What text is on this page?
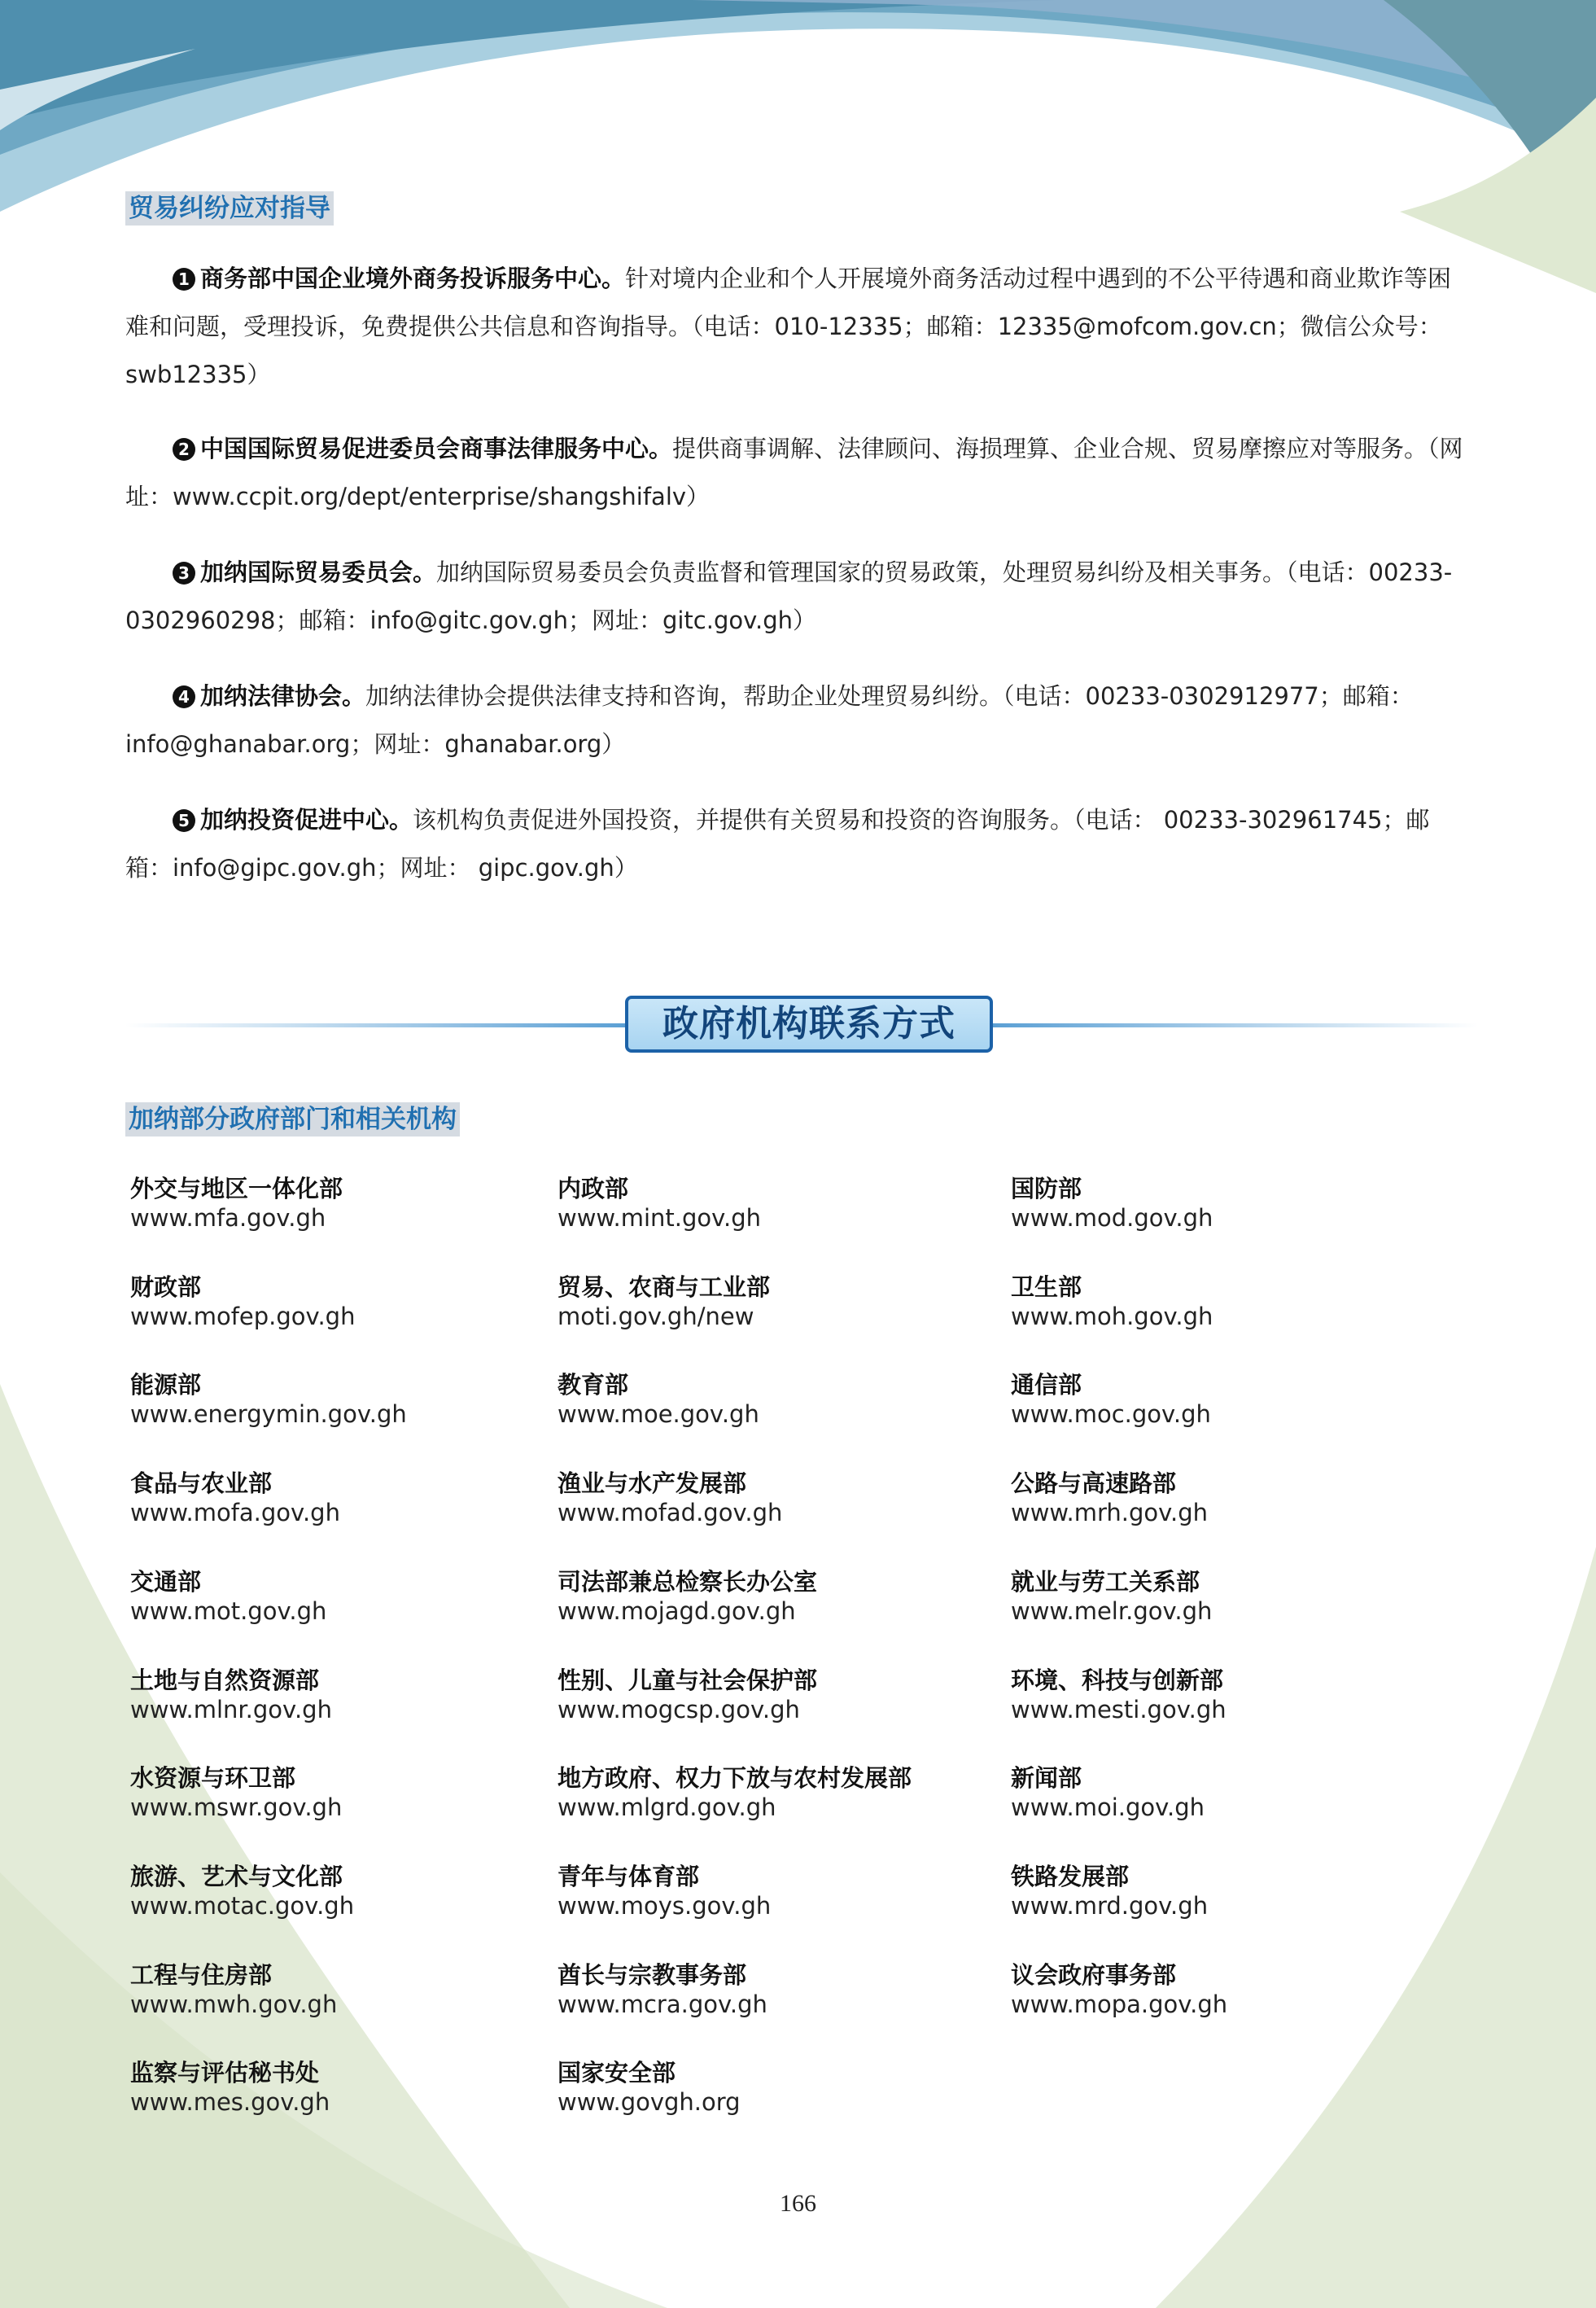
贸易纠纷应对指导
1 商务部中国企业境外商务投诉服务中心。针对境内企业和个人开展境外商务活动过程中遇到的不公平待遇和商业欺诈等困难和问题，受理投诉，免费提供公共信息和咨询指导。（电话：010-12335；邮箱：12335@mofcom.gov.cn；微信公众号：swb12335）
2 中国国际贸易促进委员会商事法律服务中心。提供商事调解、法律顾问、海损理算、企业合规、贸易摩擦应对等服务。（网址：www.ccpit.org/dept/enterprise/shangshifalv）
3 加纳国际贸易委员会。加纳国际贸易委员会负责监督和管理国家的贸易政策，处理贸易纠纷及相关事务。（电话：00233-0302960298；邮箱：info@gitc.gov.gh；网址：gitc.gov.gh）
4 加纳法律协会。加纳法律协会提供法律支持和咨询，帮助企业处理贸易纠纷。（电话：00233-0302912977；邮箱：info@ghanabar.org；网址：ghanabar.org）
5 加纳投资促进中心。该机构负责促进外国投资，并提供有关贸易和投资的咨询服务。（电话： 00233-302961745；邮箱：info@gipc.gov.gh；网址： gipc.gov.gh）
政府机构联系方式
加纳部分政府部门和相关机构
外交与地区一体化部
www.mfa.gov.gh
财政部
www.mofep.gov.gh
能源部
www.energymin.gov.gh
食品与农业部
www.mofa.gov.gh
交通部
www.mot.gov.gh
土地与自然资源部
www.mlnr.gov.gh
水资源与环卫部
www.mswr.gov.gh
旅游、艺术与文化部
www.motac.gov.gh
工程与住房部
www.mwh.gov.gh
监察与评估秘书处
www.mes.gov.gh
内政部
www.mint.gov.gh
贸易、农商与工业部
moti.gov.gh/new
教育部
www.moe.gov.gh
渔业与水产发展部
www.mofad.gov.gh
司法部兼总检察长办公室
www.mojagd.gov.gh
性别、儿童与社会保护部
www.mogcsp.gov.gh
地方政府、权力下放与农村发展部
www.mlgrd.gov.gh
青年与体育部
www.moys.gov.gh
酋长与宗教事务部
www.mcra.gov.gh
国家安全部
www.govgh.org
国防部
www.mod.gov.gh
卫生部
www.moh.gov.gh
通信部
www.moc.gov.gh
公路与高速路部
www.mrh.gov.gh
就业与劳工关系部
www.melr.gov.gh
环境、科技与创新部
www.mesti.gov.gh
新闻部
www.moi.gov.gh
铁路发展部
www.mrd.gov.gh
议会政府事务部
www.mopa.gov.gh
166
